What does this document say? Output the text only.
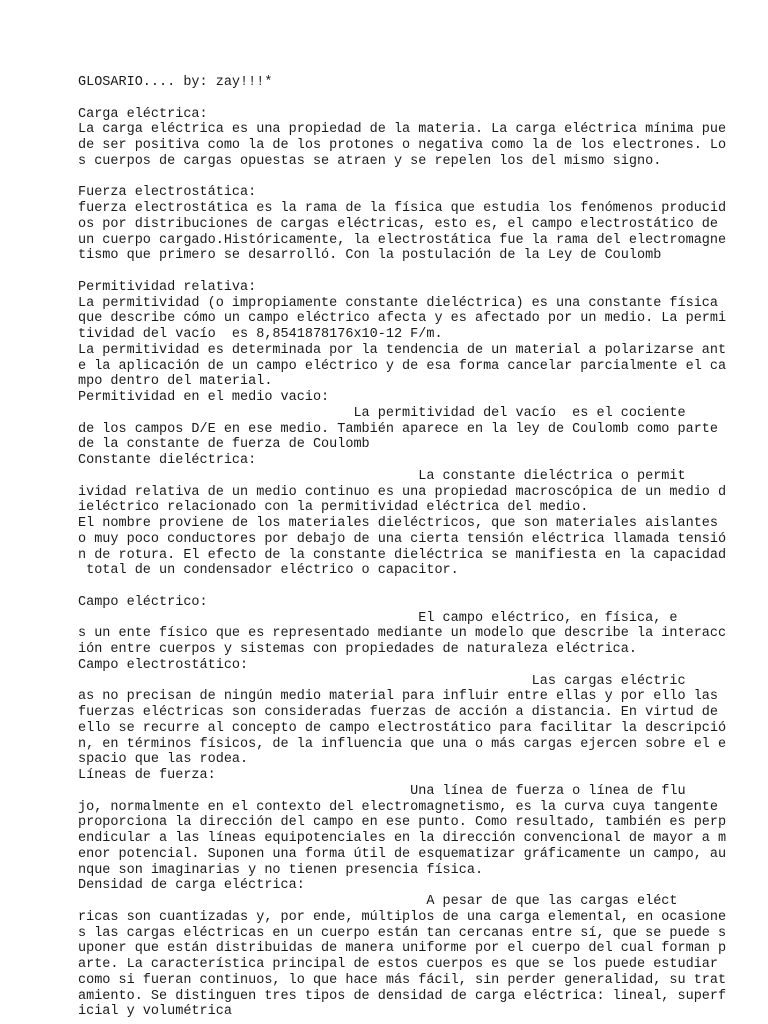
GLOSARIO.... by: zay!!!*
Carga eléctrica:
La carga eléctrica es una propiedad de la materia. La carga eléctrica mínima pue
de ser positiva como la de los protones o negativa como la de los electrones. Lo
s cuerpos de cargas opuestas se atraen y se repelen los del mismo signo.
Fuerza electrostática:
fuerza electrostática es la rama de la física que estudia los fenómenos producid
os por distribuciones de cargas eléctricas, esto es, el campo electrostático de
un cuerpo cargado.Históricamente, la electrostática fue la rama del electromagne
tismo que primero se desarrolló. Con la postulación de la Ley de Coulomb
Permitividad relativa:
La permitividad (o impropiamente constante dieléctrica) es una constante física
que describe cómo un campo eléctrico afecta y es afectado por un medio. La permi
tividad del vacío  es 8,8541878176x10-12 F/m.
La permitividad es determinada por la tendencia de un material a polarizarse ant
e la aplicación de un campo eléctrico y de esa forma cancelar parcialmente el ca
mpo dentro del material.
Permitividad en el medio vacio:
La permitividad del vacío  es el cociente
de los campos D/E en ese medio. También aparece en la ley de Coulomb como parte
de la constante de fuerza de Coulomb
Constante dieléctrica:
La constante dieléctrica o permit
ividad relativa de un medio continuo es una propiedad macroscópica de un medio d
ieléctrico relacionado con la permitividad eléctrica del medio.
El nombre proviene de los materiales dieléctricos, que son materiales aislantes
o muy poco conductores por debajo de una cierta tensión eléctrica llamada tensió
n de rotura. El efecto de la constante dieléctrica se manifiesta en la capacidad
total de un condensador eléctrico o capacitor.
Campo eléctrico:
El campo eléctrico, en física, e
s un ente físico que es representado mediante un modelo que describe la interacc
ión entre cuerpos y sistemas con propiedades de naturaleza eléctrica.
Campo electrostático:
Las cargas eléctric
as no precisan de ningún medio material para influir entre ellas y por ello las
fuerzas eléctricas son consideradas fuerzas de acción a distancia. En virtud de
ello se recurre al concepto de campo electrostático para facilitar la descripció
n, en términos físicos, de la influencia que una o más cargas ejercen sobre el e
spacio que las rodea.
Líneas de fuerza:
Una línea de fuerza o línea de flu
jo, normalmente en el contexto del electromagnetismo, es la curva cuya tangente
proporciona la dirección del campo en ese punto. Como resultado, también es perp
endicular a las líneas equipotenciales en la dirección convencional de mayor a m
enor potencial. Suponen una forma útil de esquematizar gráficamente un campo, au
nque son imaginarias y no tienen presencia física.
Densidad de carga eléctrica:
A pesar de que las cargas eléct
ricas son cuantizadas y, por ende, múltiplos de una carga elemental, en ocasione
s las cargas eléctricas en un cuerpo están tan cercanas entre sí, que se puede s
uponer que están distribuidas de manera uniforme por el cuerpo del cual forman p
arte. La característica principal de estos cuerpos es que se los puede estudiar
como si fueran continuos, lo que hace más fácil, sin perder generalidad, su trat
amiento. Se distinguen tres tipos de densidad de carga eléctrica: lineal, superf
icial y volumétrica
